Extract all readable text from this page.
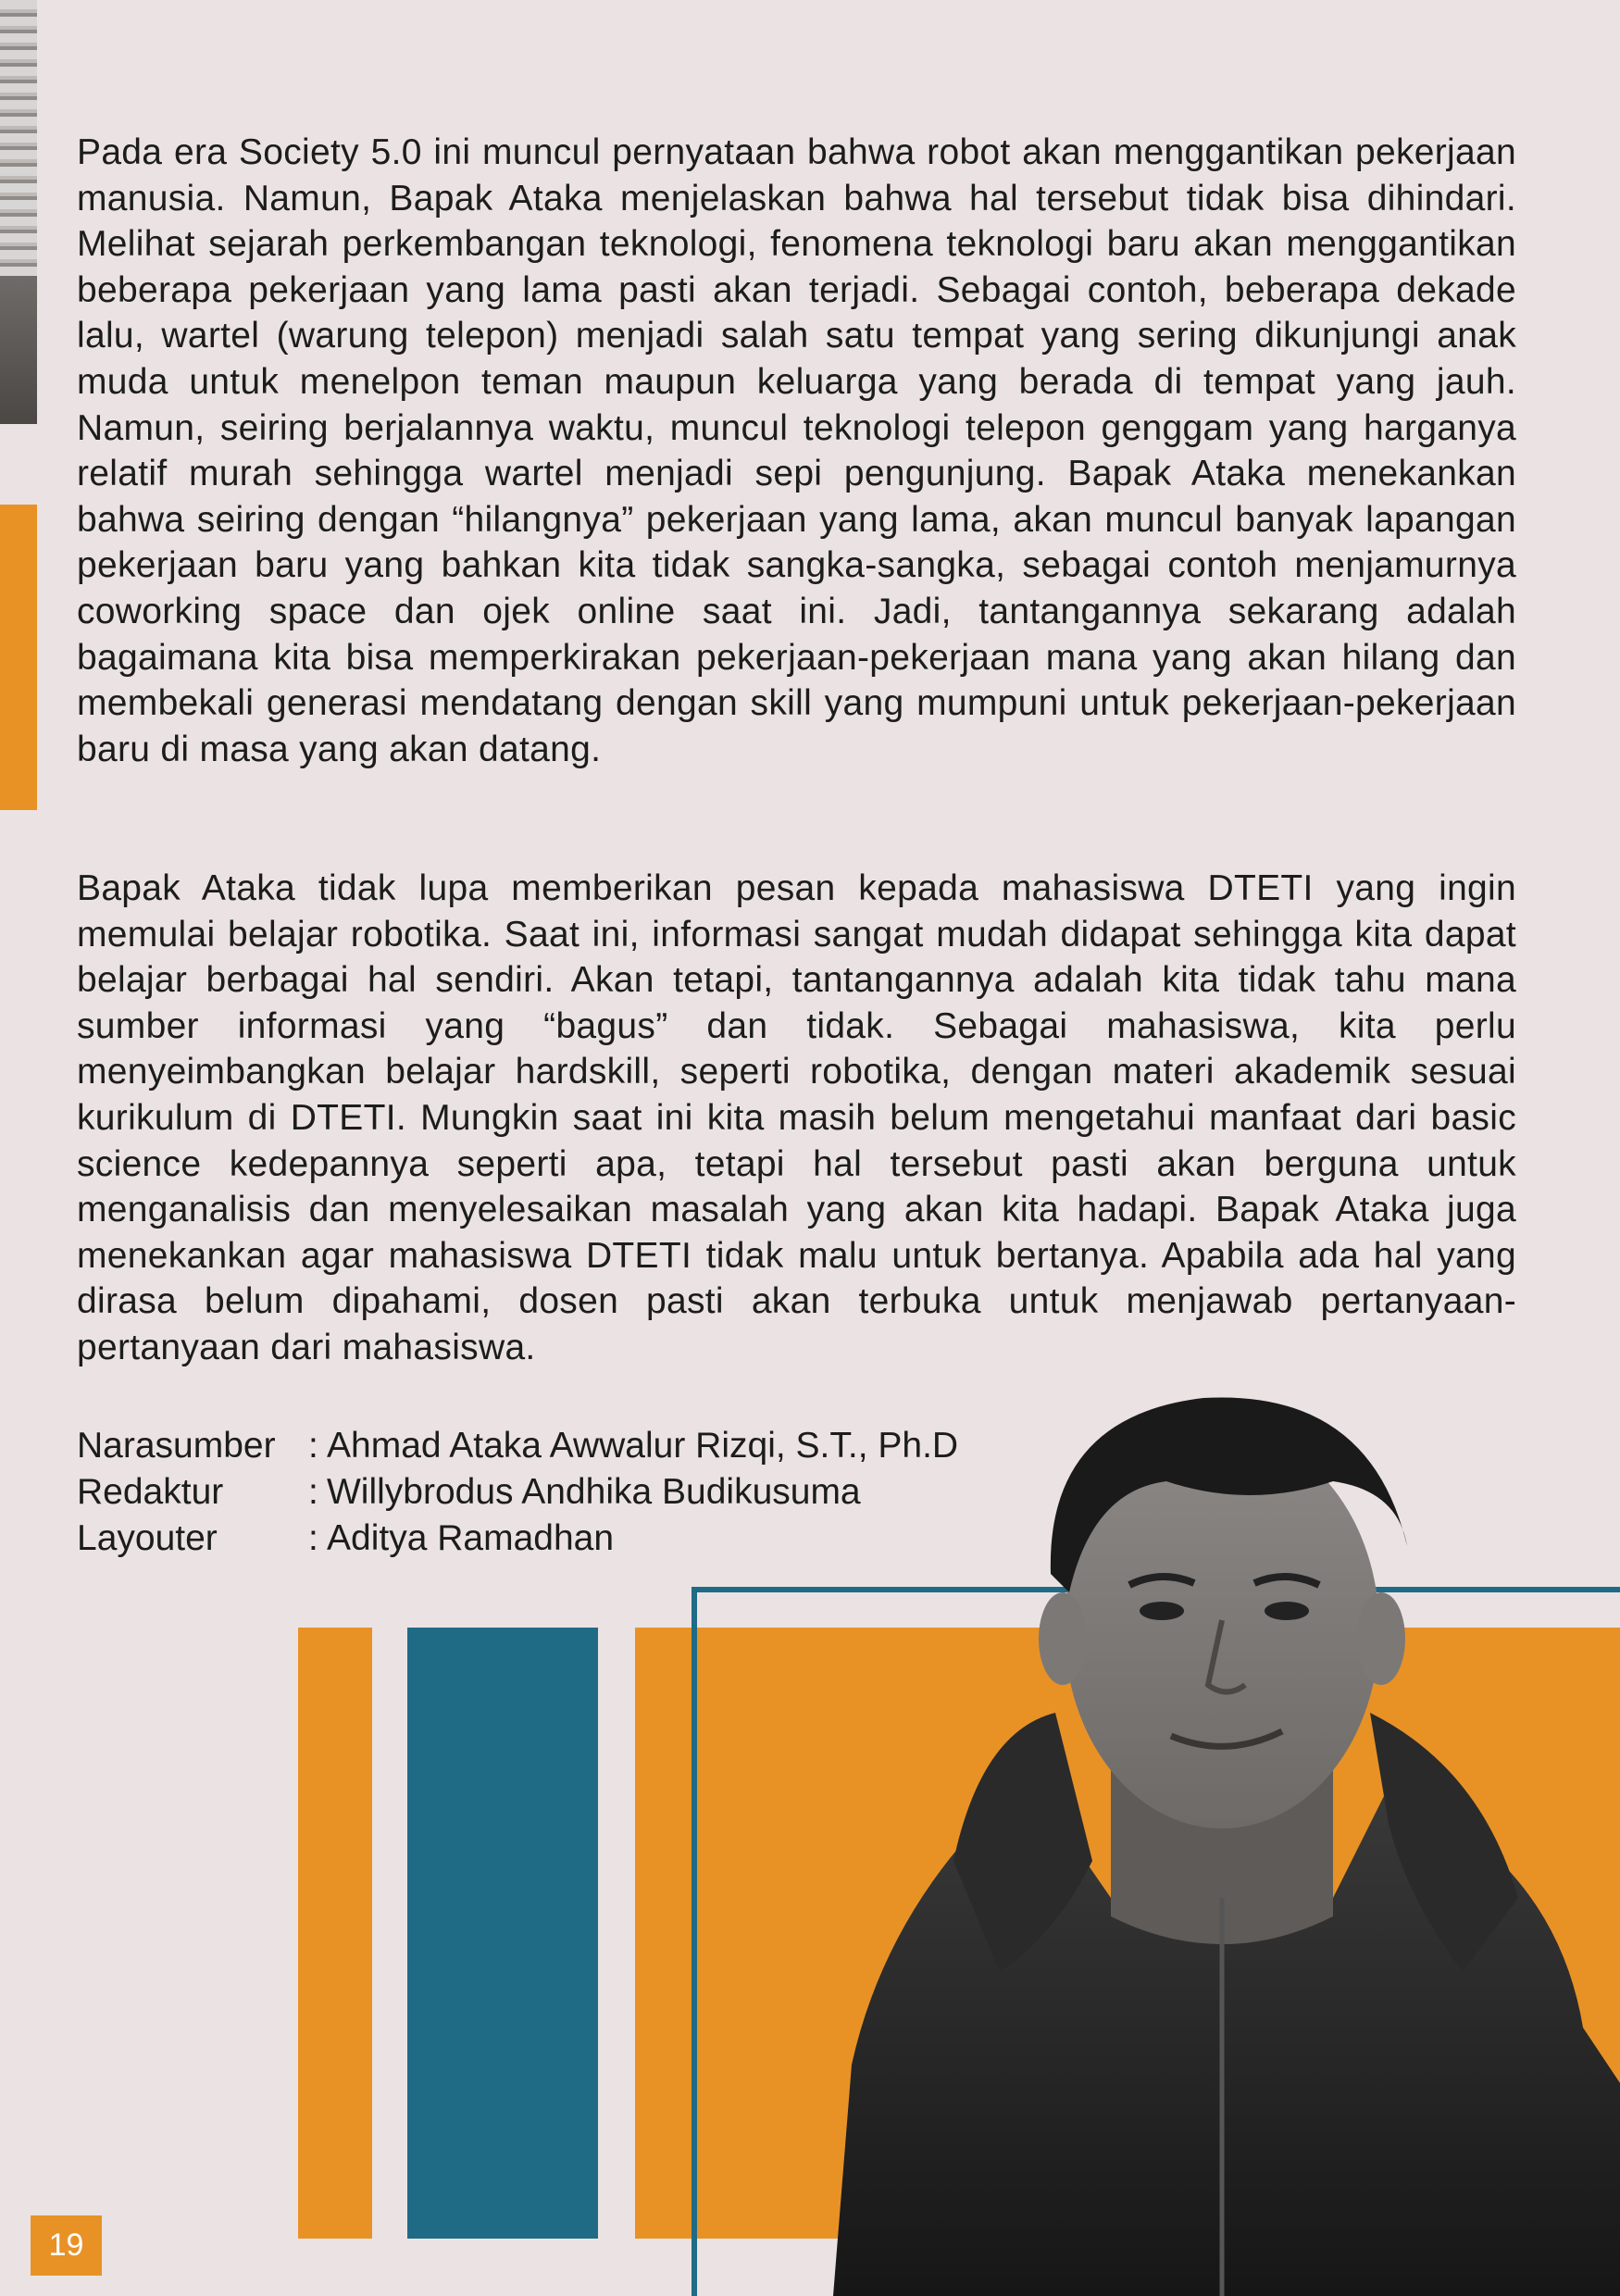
Pada era Society 5.0 ini muncul pernyataan bahwa robot akan menggantikan pekerjaan manusia. Namun, Bapak Ataka menjelaskan bahwa hal tersebut tidak bisa dihindari. Melihat sejarah perkembangan teknologi, fenomena teknologi baru akan menggantikan beberapa pekerjaan yang lama pasti akan terjadi. Sebagai contoh, beberapa dekade lalu, wartel (warung telepon) menjadi salah satu tempat yang sering dikunjungi anak muda untuk menelpon teman maupun keluarga yang berada di tempat yang jauh. Namun, seiring berjalannya waktu, muncul teknologi telepon genggam yang harganya relatif murah sehingga wartel menjadi sepi pengunjung. Bapak Ataka menekankan bahwa seiring dengan “hilangnya” pekerjaan yang lama, akan muncul banyak lapangan pekerjaan baru yang bahkan kita tidak sangka-sangka, sebagai contoh menjamurnya coworking space dan ojek online saat ini. Jadi, tantangannya sekarang adalah bagaimana kita bisa memperkirakan pekerjaan-pekerjaan mana yang akan hilang dan membekali generasi mendatang dengan skill yang mumpuni untuk pekerjaan-pekerjaan baru di masa yang akan datang.

Bapak Ataka tidak lupa memberikan pesan kepada mahasiswa DTETI yang ingin memulai belajar robotika. Saat ini, informasi sangat mudah didapat sehingga kita dapat belajar berbagai hal sendiri. Akan tetapi, tantangannya adalah kita tidak tahu mana sumber informasi yang “bagus” dan tidak. Sebagai mahasiswa, kita perlu menyeimbangkan belajar hardskill, seperti robotika, dengan materi akademik sesuai kurikulum di DTETI. Mungkin saat ini kita masih belum mengetahui manfaat dari basic science kedepannya seperti apa, tetapi hal tersebut pasti akan berguna untuk menganalisis dan menyelesaikan masalah yang akan kita hadapi. Bapak Ataka juga menekankan agar mahasiswa DTETI tidak malu untuk bertanya. Apabila ada hal yang dirasa belum dipahami, dosen pasti akan terbuka untuk menjawab pertanyaan-pertanyaan dari mahasiswa.

Narasumber : Ahmad Ataka Awwalur Rizqi, S.T., Ph.D
Redaktur	: Willybrodus Andhika Budikusuma
Layouter	: Aditya Ramadhan
19
